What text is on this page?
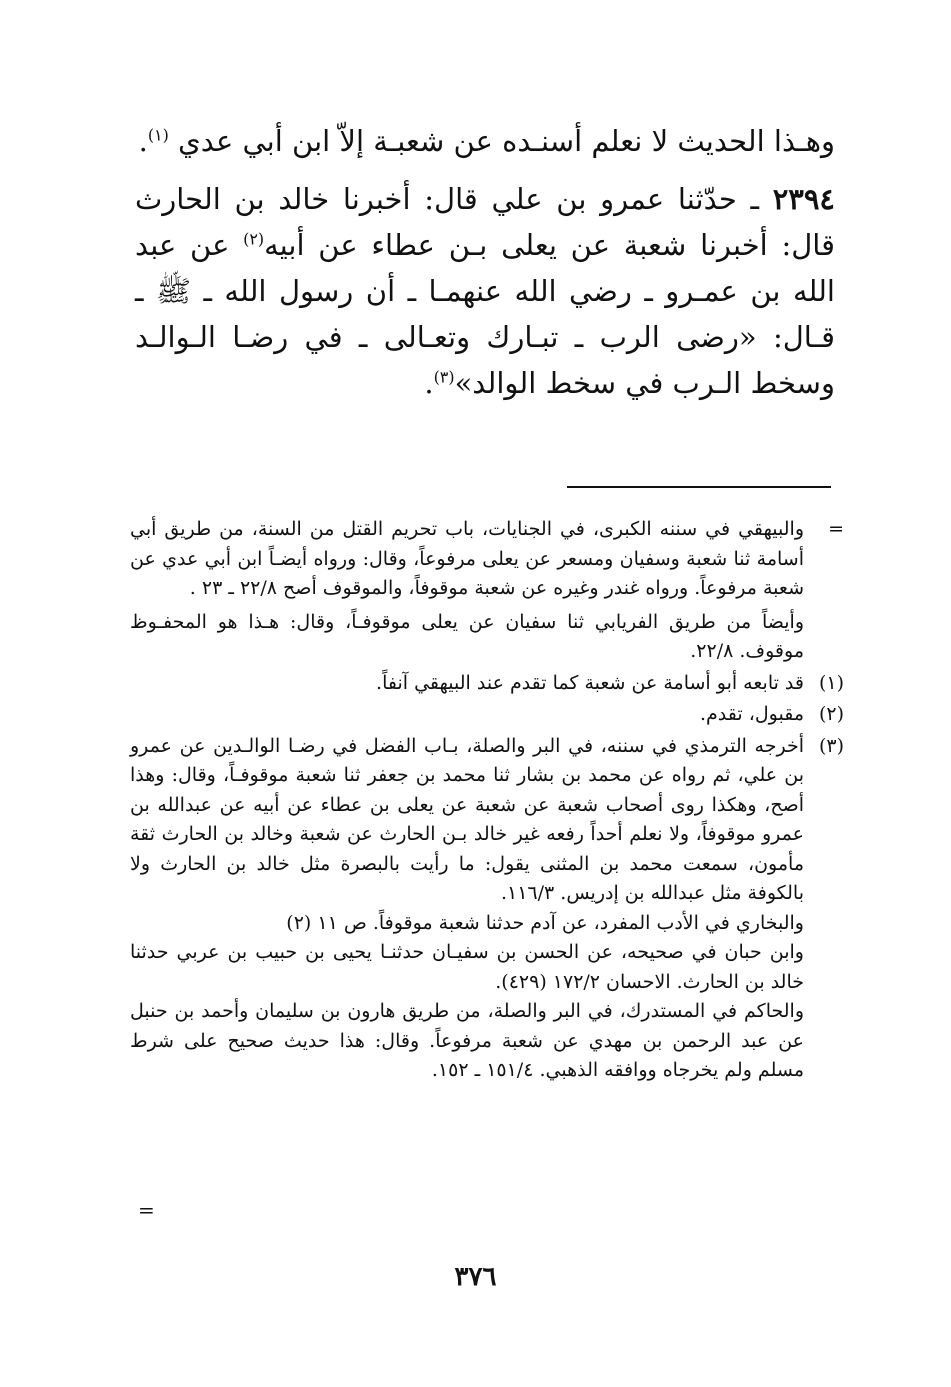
وهـذا الحديث لا نعلم أسنـده عن شعبـة إلاّ ابن أبي عدي $^{(١)}$.

٢٣٩٤ ـ حدّثنا عمرو بن علي قال: أخبرنا خالد بن الحارث قال: أخبرنا شعبة عن يعلى بـن عطاء عن أبيه$^{(٢)}$ عن عبد الله بن عمـرو ـ رضي الله عنهمـا ـ أن رسول الله ـ ﷺ ـ قـال: «رضى الرب ـ تبـارك وتعـالى ـ في رضـا الـوالـد وسخط الـرب في سخط الوالد»$^{(٣)}$.

=

والبيهقي في سننه الكبرى، في الجنايات، باب تحريم القتل من السنة، من طريق أبي أسامة ثنا شعبة وسفيان ومسعر عن يعلى مرفوعاً، وقال: ورواه أيضـاً ابن أبي عدي عن شعبة مرفوعاً. ورواه غندر وغيره عن شعبة موقوفاً، والموقوف أصح ٢٢/٨ ـ ٢٣ .

وأيضاً من طريق الفريابي ثنا سفيان عن يعلى موقوفـاً، وقال: هـذا هو المحفـوظ موقوف. ٢٢/٨.

(١)

قد تابعه أبو أسامة عن شعبة كما تقدم عند البيهقي آنفاً.

(٢)

مقبول، تقدم.

(٣)

أخرجه الترمذي في سننه، في البر والصلة، بـاب الفضل في رضـا الوالـدين عن عمرو بن علي، ثم رواه عن محمد بن بشار ثنا محمد بن جعفر ثنا شعبة موقوفـاً، وقال: وهذا أصح، وهكذا روى أصحاب شعبة عن شعبة عن يعلى بن عطاء عن أبيه عن عبدالله بن عمرو موقوفاً، ولا نعلم أحداً رفعه غير خالد بـن الحارث عن شعبة وخالد بن الحارث ثقة مأمون، سمعت محمد بن المثنى يقول: ما رأيت بالبصرة مثل خالد بن الحارث ولا بالكوفة مثل عبدالله بن إدريس. ١١٦/٣.

والبخاري في الأدب المفرد، عن آدم حدثنا شعبة موقوفاً. ص ١١ (٢)

وابن حبان في صحيحه، عن الحسن بن سفيـان حدثنـا يحيى بن حبيب بن عربي حدثنا خالد بن الحارث. الاحسان ١٧٢/٢ (٤٢٩).

والحاكم في المستدرك، في البر والصلة، من طريق هارون بن سليمان وأحمد بن حنبل عن عبد الرحمن بن مهدي عن شعبة مرفوعاً. وقال: هذا حديث صحيح على شرط مسلم ولم يخرجاه ووافقه الذهبي. ١٥١/٤ ـ ١٥٢.

=
٣٧٦
